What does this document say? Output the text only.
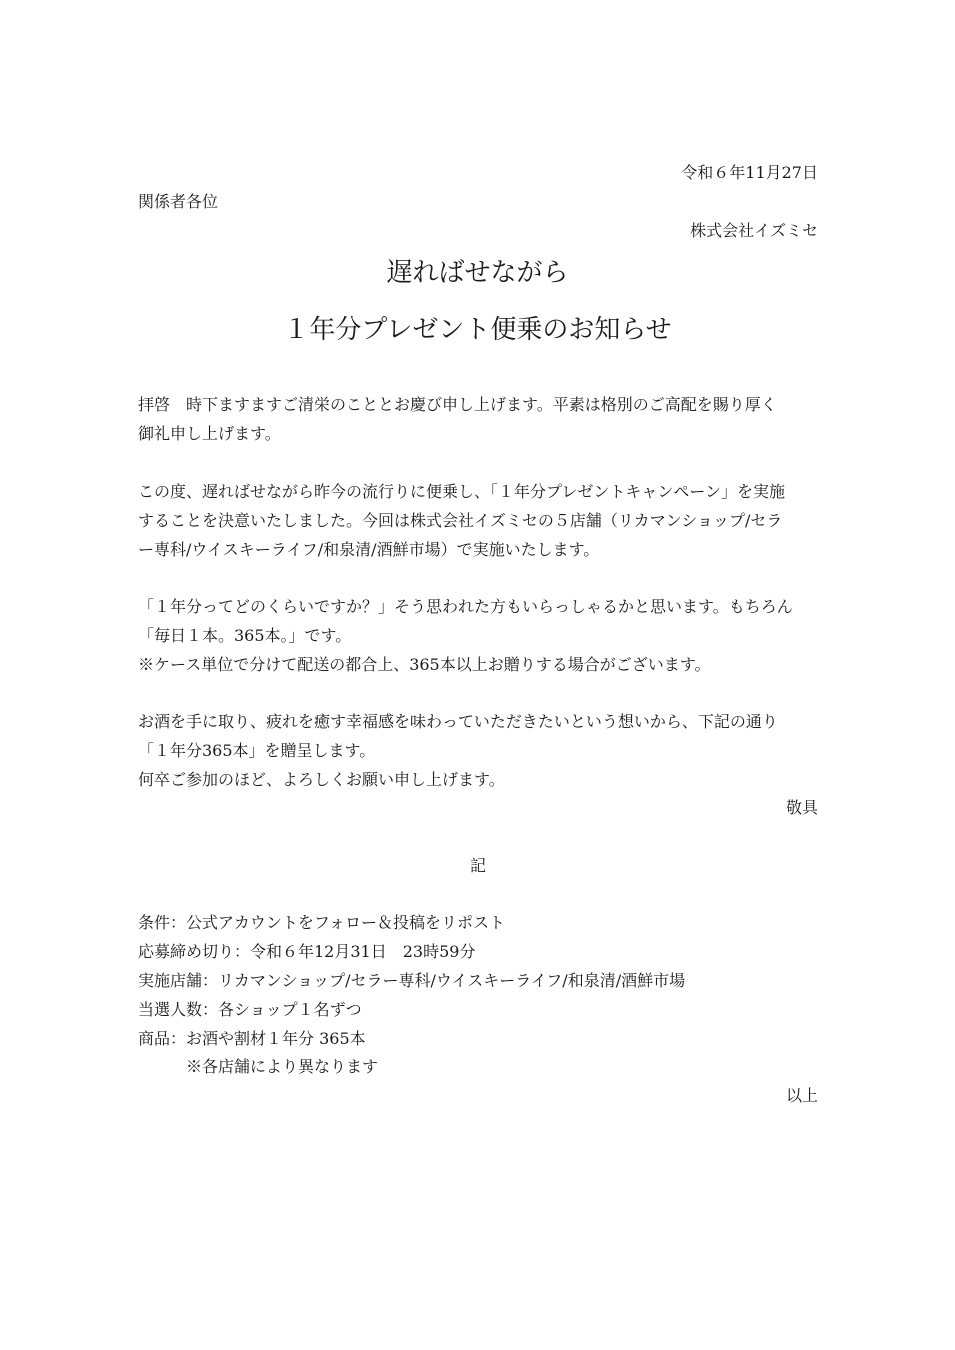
令和６年11月27日
関係者各位
株式会社イズミセ
遅ればせながら
１年分プレゼント便乗のお知らせ
拝啓　時下ますますご清栄のこととお慶び申し上げます。平素は格別のご高配を賜り厚く
御礼申し上げます。
この度、遅ればせながら昨今の流行りに便乗し、「１年分プレゼントキャンペーン」を実施
することを決意いたしました。今回は株式会社イズミセの５店舗（リカマンショップ/セラ
ー専科/ウイスキーライフ/和泉清/酒鮮市場）で実施いたします。
「１年分ってどのくらいですか？」そう思われた方もいらっしゃるかと思います。もちろん
「毎日１本。365本。」です。
※ケース単位で分けて配送の都合上、365本以上お贈りする場合がございます。
お酒を手に取り、疲れを癒す幸福感を味わっていただきたいという想いから、下記の通り
「１年分365本」を贈呈します。
何卒ご参加のほど、よろしくお願い申し上げます。
敬具
記
条件：公式アカウントをフォロー＆投稿をリポスト
応募締め切り：令和６年12月31日　23時59分
実施店舗：リカマンショップ/セラー専科/ウイスキーライフ/和泉清/酒鮮市場
当選人数：各ショップ１名ずつ
商品：お酒や割材１年分 365本
※各店舗により異なります
以上
